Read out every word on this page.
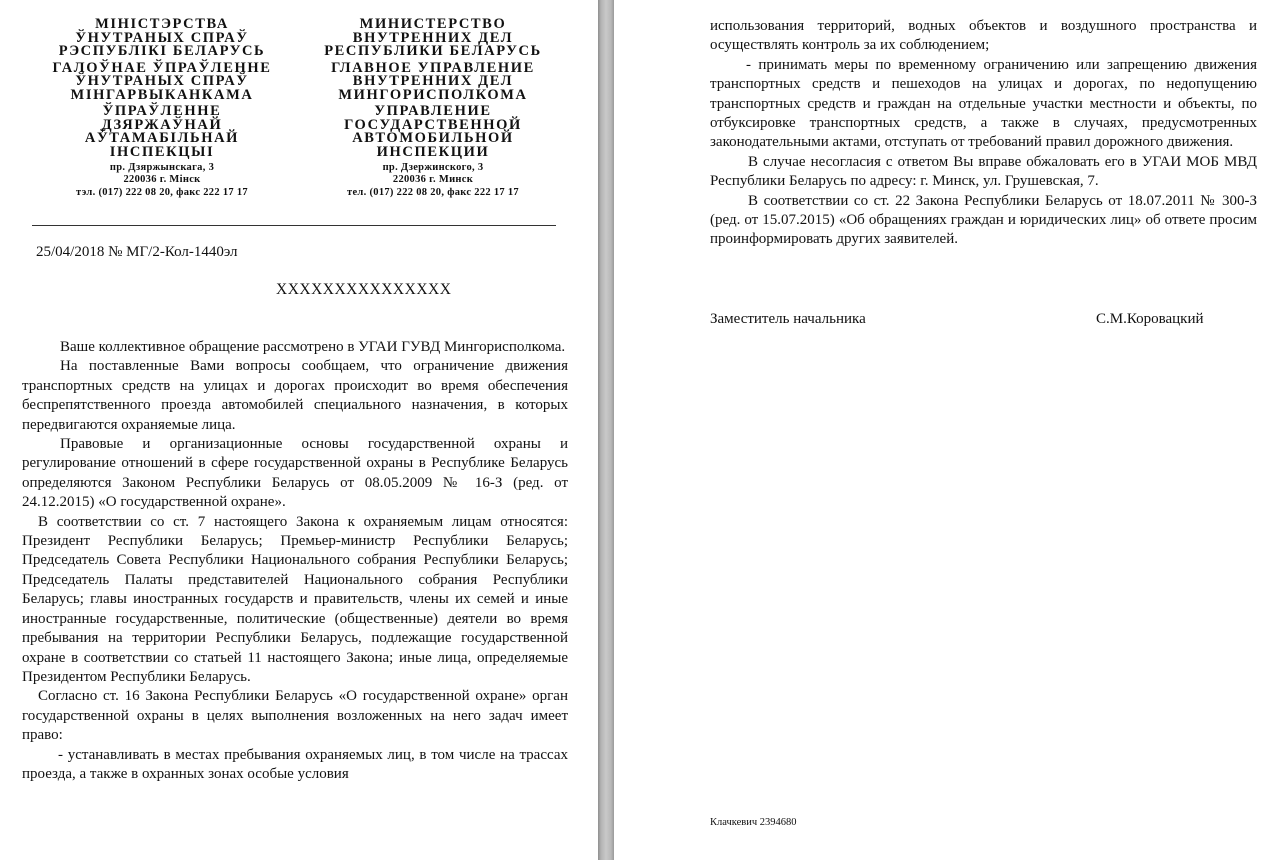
МІНІСТЭРСТВА
ЎНУТРАНЫХ СПРАЎ
РЭСПУБЛІКІ БЕЛАРУСЬ
ГАЛОЎНАЕ ЎПРАЎЛЕННЕ
ЎНУТРАНЫХ СПРАЎ
МІНГАРВЫКАНКАМА
ЎПРАЎЛЕННЕ
ДЗЯРЖАЎНАЙ
АЎТАМАБІЛЬНАЙ
ІНСПЕКЦЫІ
пр. Дзяржынскага, 3
220036 г. Мінск
тэл. (017) 222 08 20, факс 222 17 17
МИНИСТЕРСТВО
ВНУТРЕННИХ ДЕЛ
РЕСПУБЛИКИ БЕЛАРУСЬ
ГЛАВНОЕ УПРАВЛЕНИЕ
ВНУТРЕННИХ ДЕЛ
МИНГОРИСПОЛКОМА
УПРАВЛЕНИЕ
ГОСУДАРСТВЕННОЙ
АВТОМОБИЛЬНОЙ
ИНСПЕКЦИИ
пр. Дзержинского, 3
220036 г. Минск
тел. (017) 222 08 20, факс 222 17 17
25/04/2018 № МГ/2-Кол-1440эл
ХХХХХХХХХХХХХХХ

Ваше коллективное обращение рассмотрено в УГАИ ГУВД Мингорисполкома.

На поставленные Вами вопросы сообщаем, что ограничение движения транспортных средств на улицах и дорогах происходит во время обеспечения беспрепятственного проезда автомобилей специального назначения, в которых передвигаются охраняемые лица.

Правовые и организационные основы государственной охраны и регулирование отношений в сфере государственной охраны в Республике Беларусь определяются Законом Республики Беларусь от 08.05.2009 № 16-З (ред. от 24.12.2015) «О государственной охране».

В соответствии со ст. 7 настоящего Закона к охраняемым лицам относятся: Президент Республики Беларусь; Премьер-министр Республики Беларусь; Председатель Совета Республики Национального собрания Республики Беларусь; Председатель Палаты представителей Национального собрания Республики Беларусь; главы иностранных государств и правительств, члены их семей и иные иностранные государственные, политические (общественные) деятели во время пребывания на территории Республики Беларусь, подлежащие государственной охране в соответствии со статьей 11 настоящего Закона; иные лица, определяемые Президентом Республики Беларусь.

Согласно ст. 16 Закона Республики Беларусь «О государственной охране» орган государственной охраны в целях выполнения возложенных на него задач имеет право:

- устанавливать в местах пребывания охраняемых лиц, в том числе на трассах проезда, а также в охранных зонах особые условия

использования территорий, водных объектов и воздушного пространства и осуществлять контроль за их соблюдением;

- принимать меры по временному ограничению или запрещению движения транспортных средств и пешеходов на улицах и дорогах, по недопущению транспортных средств и граждан на отдельные участки местности и объекты, по отбуксировке транспортных средств, а также в случаях, предусмотренных законодательными актами, отступать от требований правил дорожного движения.

В случае несогласия с ответом Вы вправе обжаловать его в УГАИ МОБ МВД Республики Беларусь по адресу: г. Минск, ул. Грушевская, 7.

В соответствии со ст. 22 Закона Республики Беларусь от 18.07.2011 № 300-З (ред. от 15.07.2015) «Об обращениях граждан и юридических лиц» об ответе просим проинформировать других заявителей.

Заместитель начальника	С.М.Коровацкий
Клачкевич 2394680
